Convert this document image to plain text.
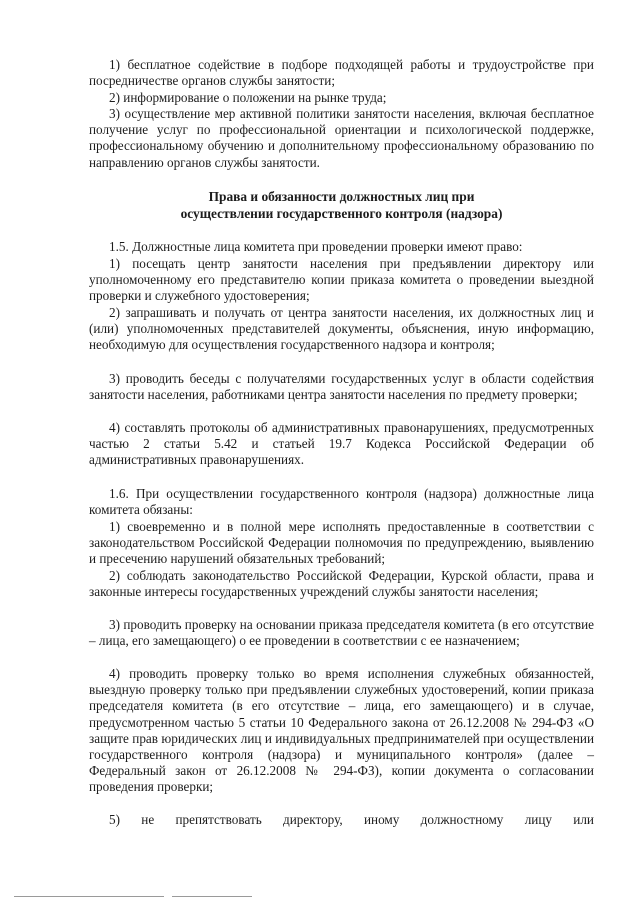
1) бесплатное содействие в подборе подходящей работы и трудоустройстве при посредничестве органов службы занятости;

2) информирование о положении на рынке труда;

3) осуществление мер активной политики занятости населения, включая бесплатное получение услуг по профессиональной ориентации и психологической поддержке, профессиональному обучению и дополнительному профессиональному образованию по направлению органов службы занятости.

Права и обязанности должностных лиц при
осуществлении государственного контроля (надзора)

1.5. Должностные лица комитета при проведении проверки имеют право:

1) посещать центр занятости населения при предъявлении директору или уполномоченному его представителю копии приказа комитета о проведении выездной проверки и служебного удостоверения;

2) запрашивать и получать от центра занятости населения, их должностных лиц и (или) уполномоченных представителей документы, объяснения, иную информацию, необходимую для осуществления государственного надзора и контроля;

3) проводить беседы с получателями государственных услуг в области содействия занятости населения, работниками центра занятости населения по предмету проверки;

4) составлять протоколы об административных правонарушениях, предусмотренных частью 2 статьи 5.42 и статьей 19.7 Кодекса Российской Федерации об административных правонарушениях.

1.6. При осуществлении государственного контроля (надзора) должностные лица комитета обязаны:

1) своевременно и в полной мере исполнять предоставленные в соответствии с законодательством Российской Федерации полномочия по предупреждению, выявлению и пресечению нарушений обязательных требований;

2) соблюдать законодательство Российской Федерации, Курской области, права и законные интересы государственных учреждений службы занятости населения;

3) проводить проверку на основании приказа председателя комитета (в его отсутствие – лица, его замещающего) о ее проведении в соответствии с ее назначением;

4) проводить проверку только во время исполнения служебных обязанностей, выездную проверку только при предъявлении служебных удостоверений, копии приказа председателя комитета (в его отсутствие – лица, его замещающего) и в случае, предусмотренном частью 5 статьи 10 Федерального закона от 26.12.2008 № 294-ФЗ «О защите прав юридических лиц и индивидуальных предпринимателей при осуществлении государственного контроля (надзора) и муниципального контроля» (далее – Федеральный закон от 26.12.2008 № 294-ФЗ), копии документа о согласовании проведения проверки;

5) не препятствовать директору, иному должностному лицу или
